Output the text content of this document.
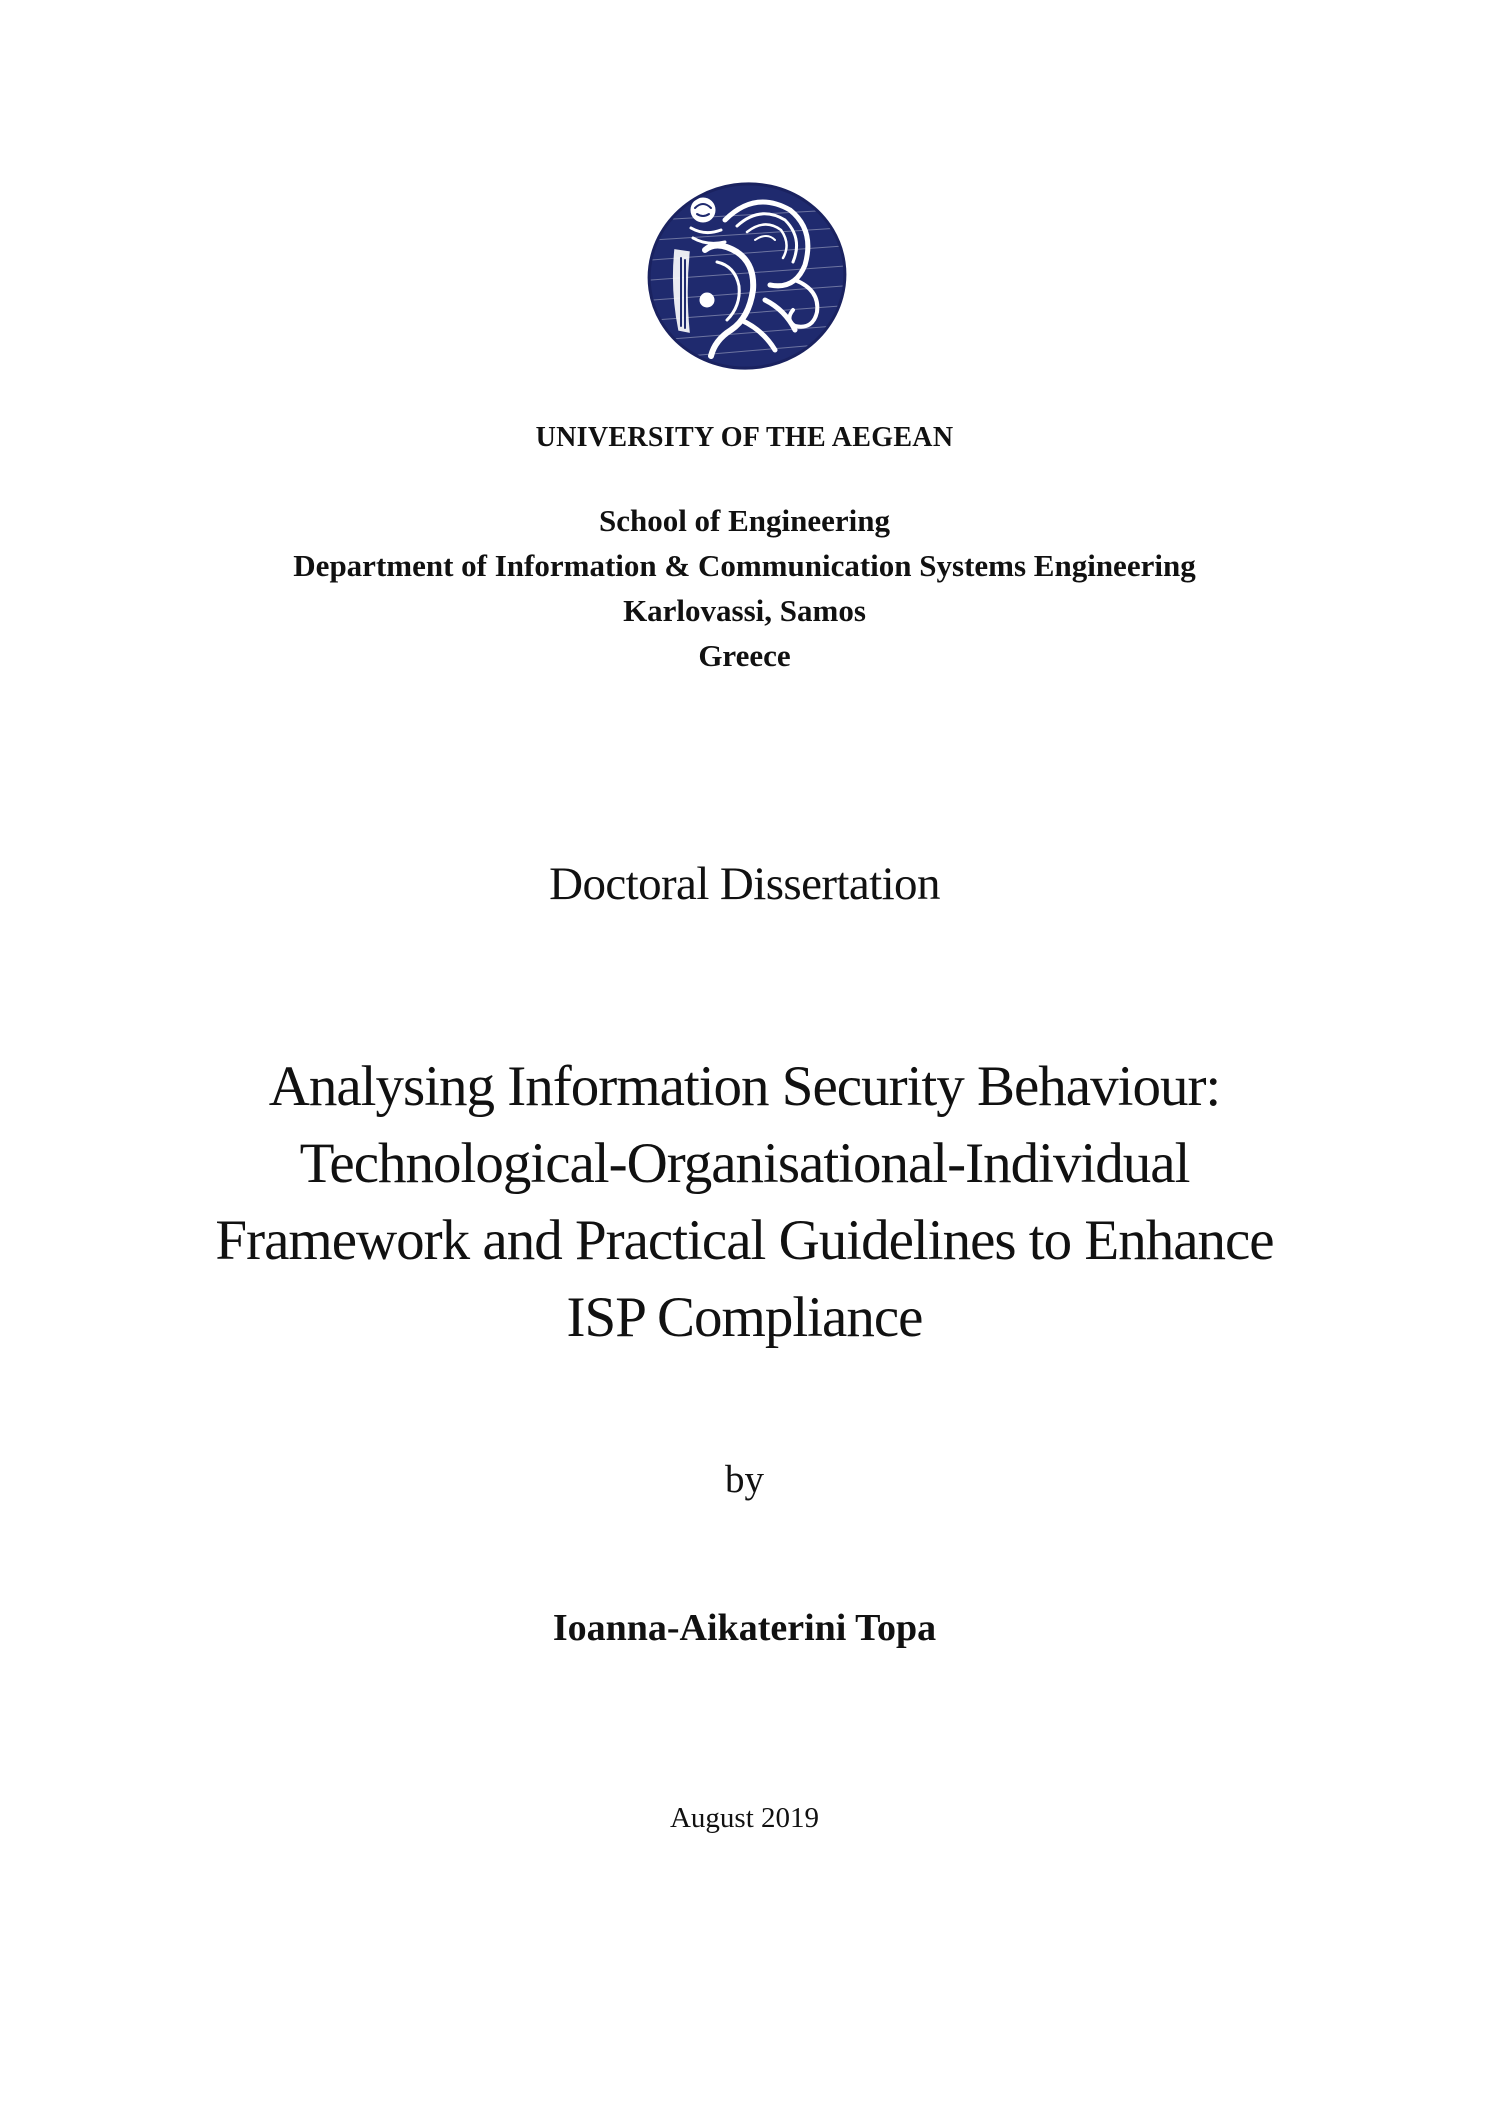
UNIVERSITY OF THE AEGEAN
School of Engineering
Department of Information & Communication Systems Engineering
Karlovassi, Samos
Greece
Doctoral Dissertation
Analysing Information Security Behaviour:
Technological-Organisational-Individual
Framework and Practical Guidelines to Enhance
ISP Compliance
by
Ioanna-Aikaterini Topa
August 2019
